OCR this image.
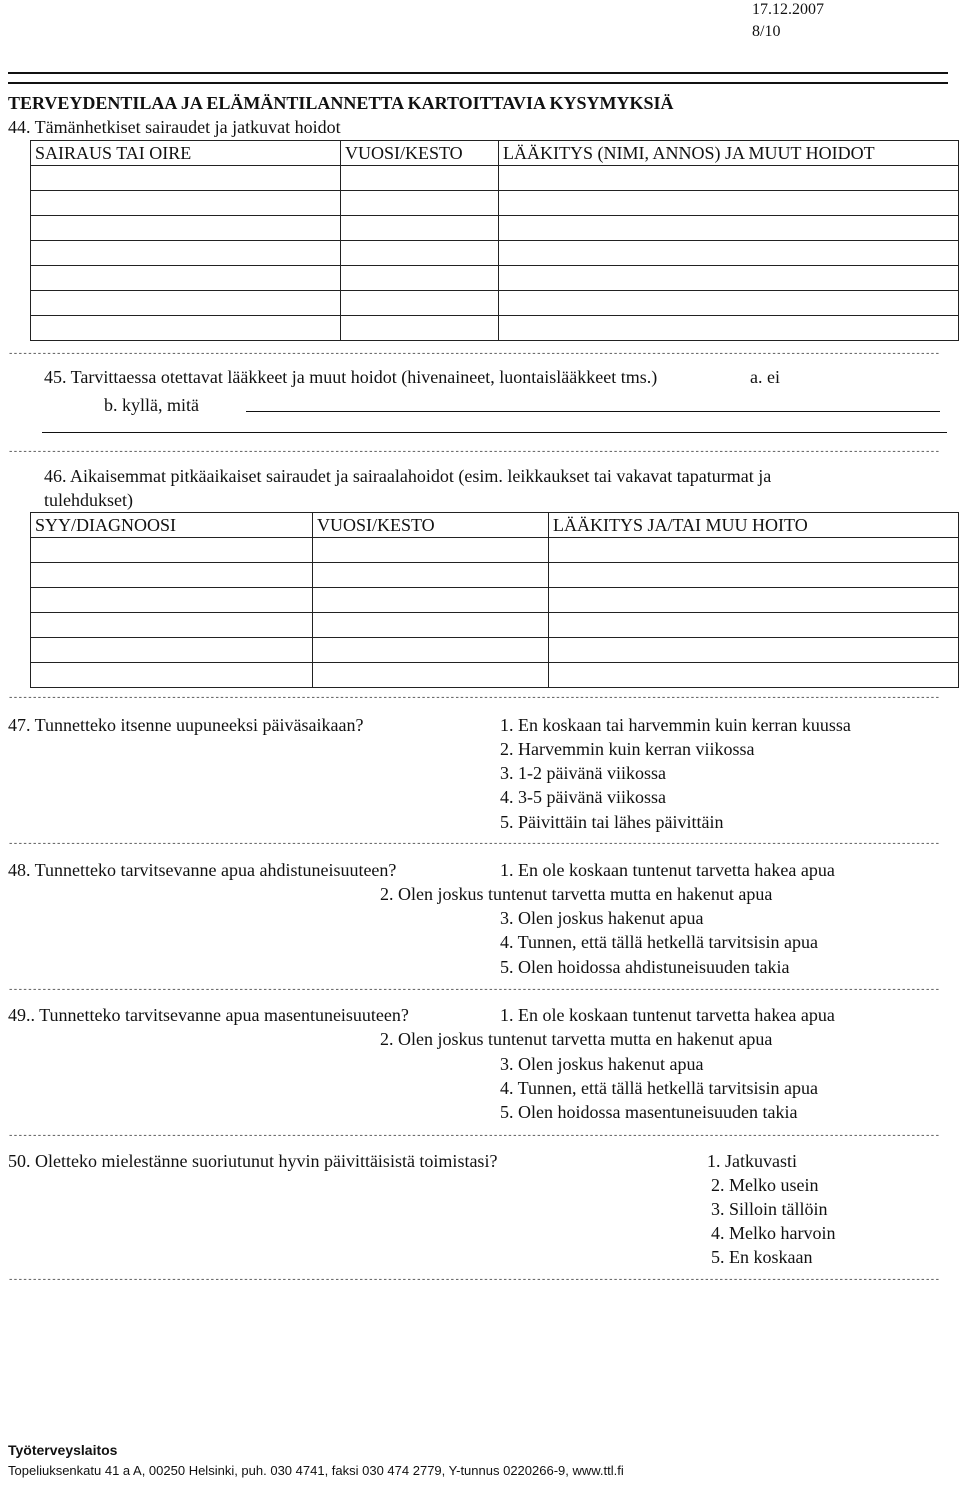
17.12.2007
8/10
TERVEYDENTILAA JA ELÄMÄNTILANNETTA KARTOITTAVIA KYSYMYKSIÄ
44. Tämänhetkiset sairaudet ja jatkuvat hoidot
SAIRAUS TAI OIRE	VUOSI/KESTO	LÄÄKITYS (NIMI, ANNOS) JA MUUT HOIDOT

--------------------------------------------------------------------------------------------------------------------------------------------------------------------------------------------------
45. Tarvittaessa otettavat lääkkeet ja muut hoidot (hivenaineet, luontaislääkkeet tms.)	a. ei
b. kyllä, mitä
--------------------------------------------------------------------------------------------------------------------------------------------------------------------------------------------------
46. Aikaisemmat pitkäaikaiset sairaudet ja sairaalahoidot (esim. leikkaukset tai vakavat tapaturmat ja
tulehdukset)
SYY/DIAGNOOSI	VUOSI/KESTO	LÄÄKITYS JA/TAI MUU HOITO

--------------------------------------------------------------------------------------------------------------------------------------------------------------------------------------------------
47. Tunnetteko itsenne uupuneeksi päiväsaikaan?	1. En koskaan tai harvemmin kuin kerran kuussa
2. Harvemmin kuin kerran viikossa
3. 1-2 päivänä viikossa
4. 3-5 päivänä viikossa
5. Päivittäin tai lähes päivittäin
--------------------------------------------------------------------------------------------------------------------------------------------------------------------------------------------------
48. Tunnetteko tarvitsevanne apua ahdistuneisuuteen?	1. En ole koskaan tuntenut tarvetta hakea apua
2. Olen joskus tuntenut tarvetta mutta en hakenut apua
3. Olen joskus hakenut apua
4. Tunnen, että tällä hetkellä tarvitsisin apua
5. Olen hoidossa ahdistuneisuuden takia
--------------------------------------------------------------------------------------------------------------------------------------------------------------------------------------------------
49.. Tunnetteko tarvitsevanne apua masentuneisuuteen?	1. En ole koskaan tuntenut tarvetta hakea apua
2. Olen joskus tuntenut tarvetta mutta en hakenut apua
3. Olen joskus hakenut apua
4. Tunnen, että tällä hetkellä tarvitsisin apua
5. Olen hoidossa masentuneisuuden takia
--------------------------------------------------------------------------------------------------------------------------------------------------------------------------------------------------
50. Oletteko mielestänne suoriutunut hyvin päivittäisistä toimistasi?	1. Jatkuvasti
2. Melko usein
3. Silloin tällöin
4. Melko harvoin
5. En koskaan
--------------------------------------------------------------------------------------------------------------------------------------------------------------------------------------------------
Työterveyslaitos
Topeliuksenkatu 41 a A, 00250 Helsinki, puh. 030 4741, faksi 030 474 2779, Y-tunnus 0220266-9, www.ttl.fi
